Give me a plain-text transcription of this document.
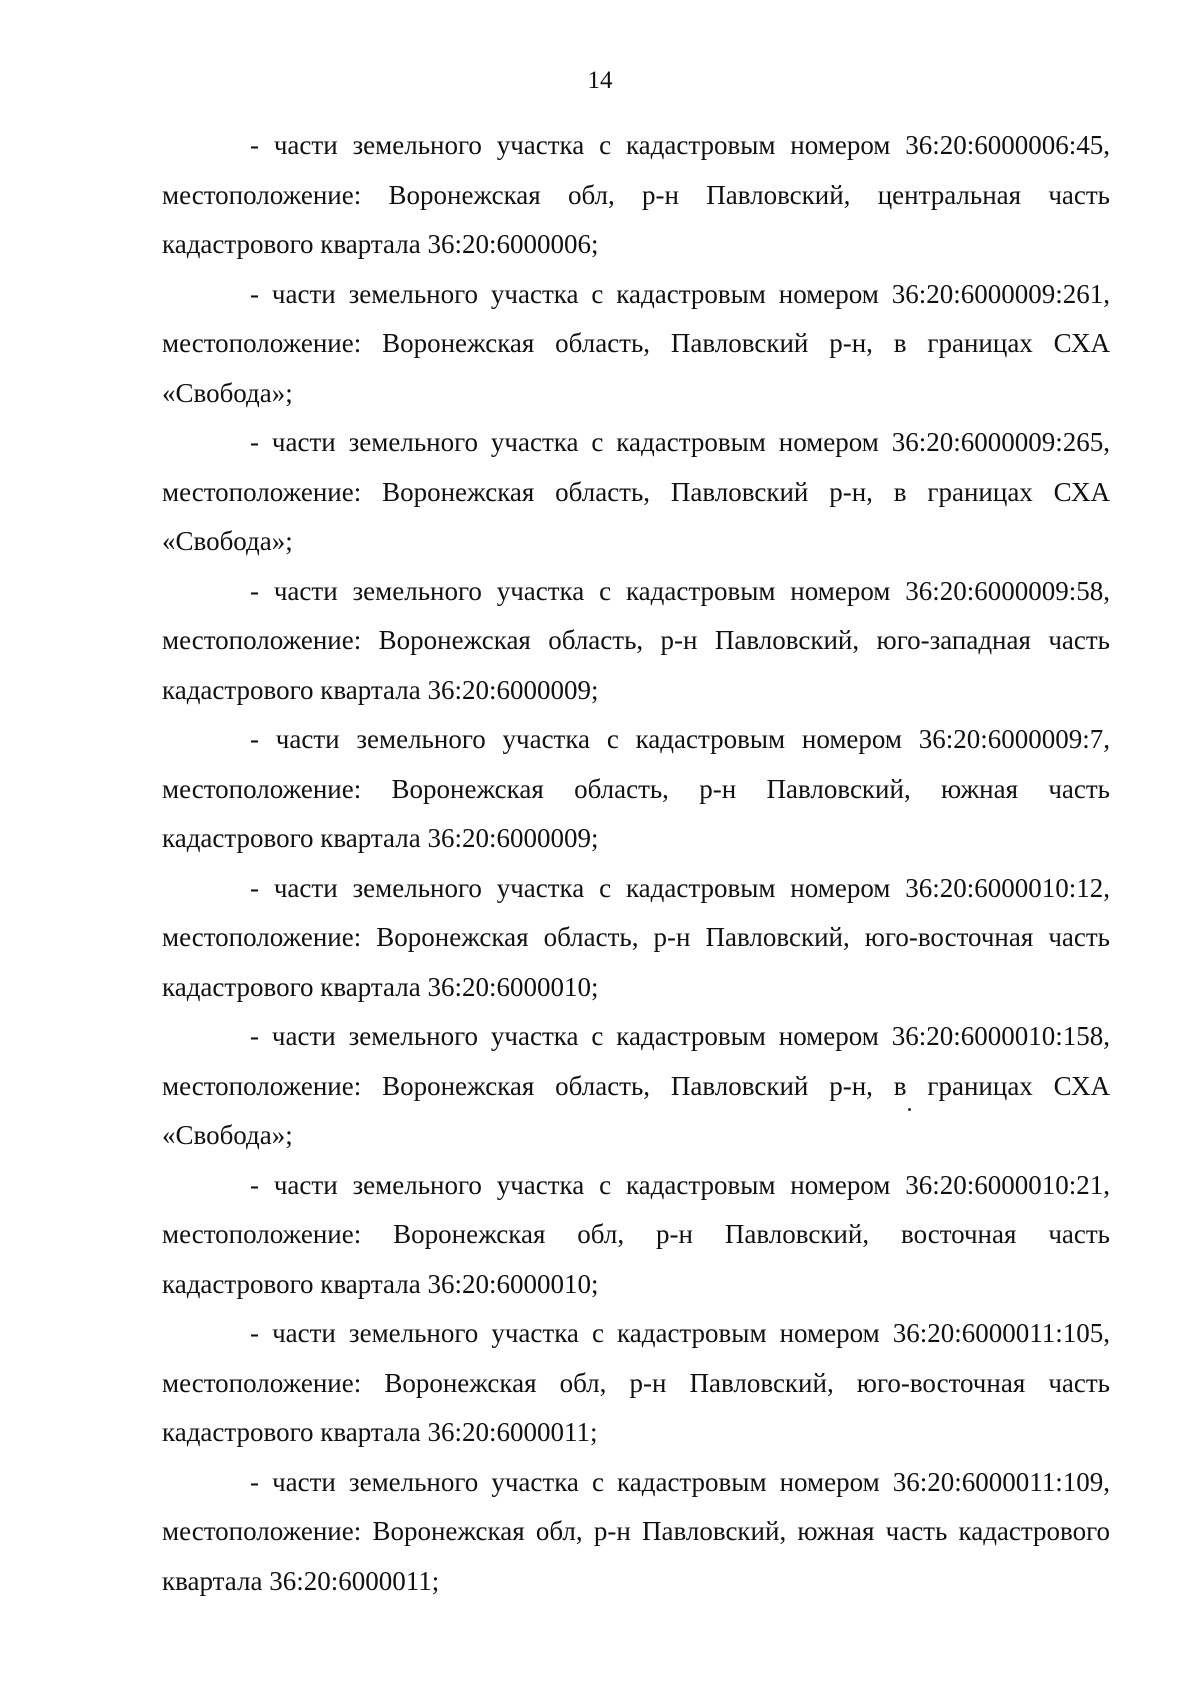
14

- части земельного участка с кадастровым номером 36:20:6000006:45, местоположение: Воронежская обл, р-н Павловский, центральная часть кадастрового квартала 36:20:6000006;

- части земельного участка с кадастровым номером 36:20:6000009:261, местоположение: Воронежская область, Павловский р-н, в границах СХА «Свобода»;

- части земельного участка с кадастровым номером 36:20:6000009:265, местоположение: Воронежская область, Павловский р-н, в границах СХА «Свобода»;

- части земельного участка с кадастровым номером 36:20:6000009:58, местоположение: Воронежская область, р-н Павловский, юго-западная часть кадастрового квартала 36:20:6000009;

- части земельного участка с кадастровым номером 36:20:6000009:7, местоположение: Воронежская область, р-н Павловский, южная часть кадастрового квартала 36:20:6000009;

- части земельного участка с кадастровым номером 36:20:6000010:12, местоположение: Воронежская область, р-н Павловский, юго-восточная часть кадастрового квартала 36:20:6000010;

- части земельного участка с кадастровым номером 36:20:6000010:158, местоположение: Воронежская область, Павловский р-н, в границах СХА «Свобода»;

- части земельного участка с кадастровым номером 36:20:6000010:21, местоположение: Воронежская обл, р-н Павловский, восточная часть кадастрового квартала 36:20:6000010;

- части земельного участка с кадастровым номером 36:20:6000011:105, местоположение: Воронежская обл, р-н Павловский, юго-восточная часть кадастрового квартала 36:20:6000011;

- части земельного участка с кадастровым номером 36:20:6000011:109, местоположение: Воронежская обл, р-н Павловский, южная часть кадастрового квартала 36:20:6000011;
